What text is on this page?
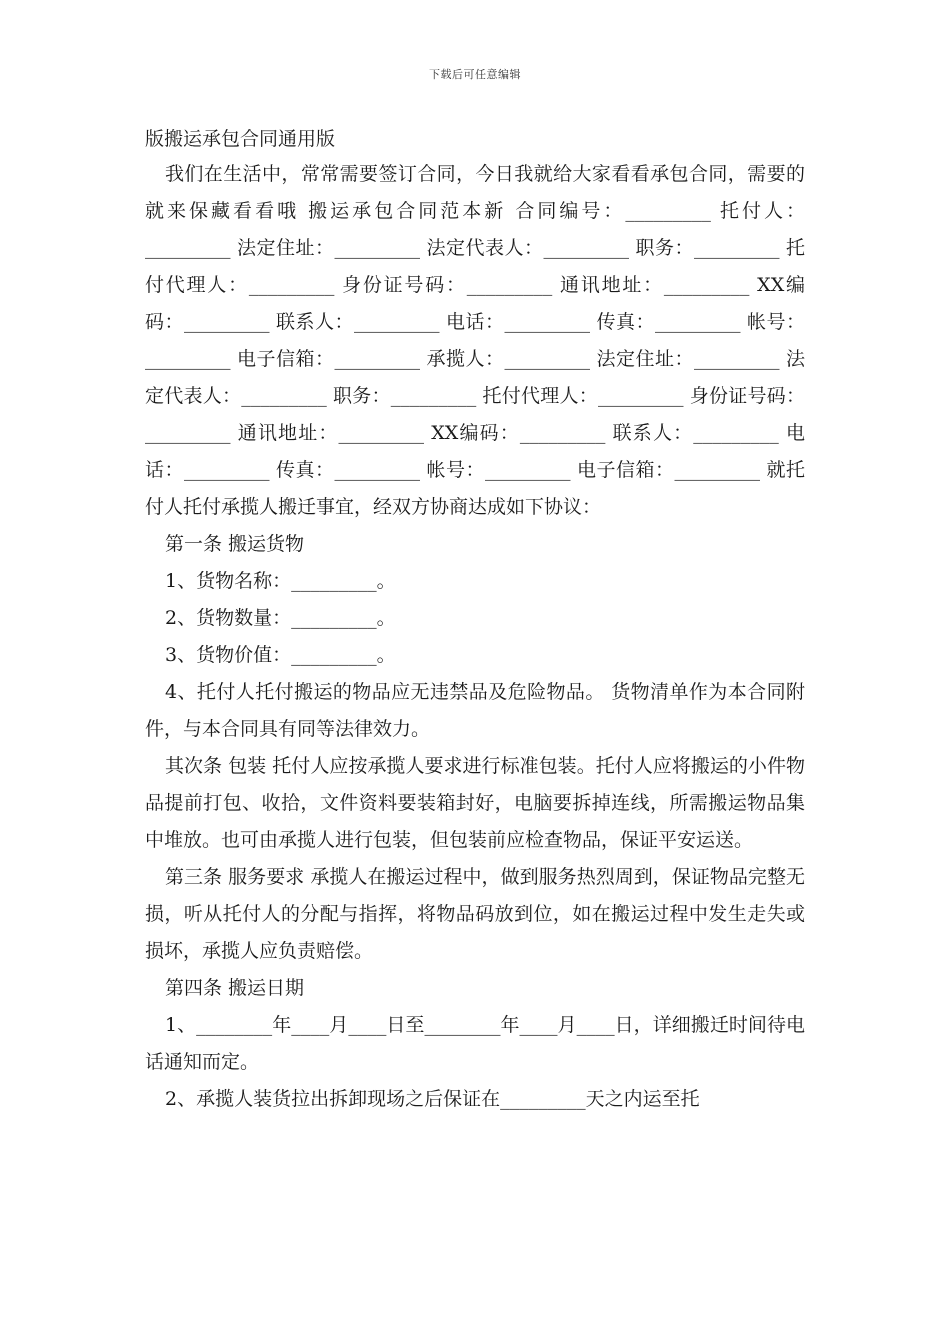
下载后可任意编辑
版搬运承包合同通用版

我们在生活中，常常需要签订合同，今日我就给大家看看承包合同，需要的就来保藏看看哦 搬运承包合同范本新 合同编号：_________ 托付人：_________ 法定住址：_________ 法定代表人：_________ 职务：_________ 托付代理人：_________ 身份证号码：_________ 通讯地址：_________ XX编码：_________ 联系人：_________ 电话：_________ 传真：_________ 帐号：_________ 电子信箱：_________ 承揽人：_________ 法定住址：_________ 法定代表人：_________ 职务：_________ 托付代理人：_________ 身份证号码：_________ 通讯地址：_________ XX编码：_________ 联系人：_________ 电话：_________ 传真：_________ 帐号：_________ 电子信箱：_________ 就托付人托付承揽人搬迁事宜，经双方协商达成如下协议：

第一条 搬运货物

1、货物名称：_________。

2、货物数量：_________。

3、货物价值：_________。

4、托付人托付搬运的物品应无违禁品及危险物品。 货物清单作为本合同附件，与本合同具有同等法律效力。

其次条 包装 托付人应按承揽人要求进行标准包装。托付人应将搬运的小件物品提前打包、收拾，文件资料要装箱封好，电脑要拆掉连线，所需搬运物品集中堆放。也可由承揽人进行包装，但包装前应检查物品，保证平安运送。

第三条 服务要求 承揽人在搬运过程中，做到服务热烈周到，保证物品完整无损，听从托付人的分配与指挥，将物品码放到位，如在搬运过程中发生走失或损坏，承揽人应负责赔偿。

第四条 搬运日期

1、________年____月____日至________年____月____日，详细搬迁时间待电话通知而定。

2、承揽人装货拉出拆卸现场之后保证在_________天之内运至托
